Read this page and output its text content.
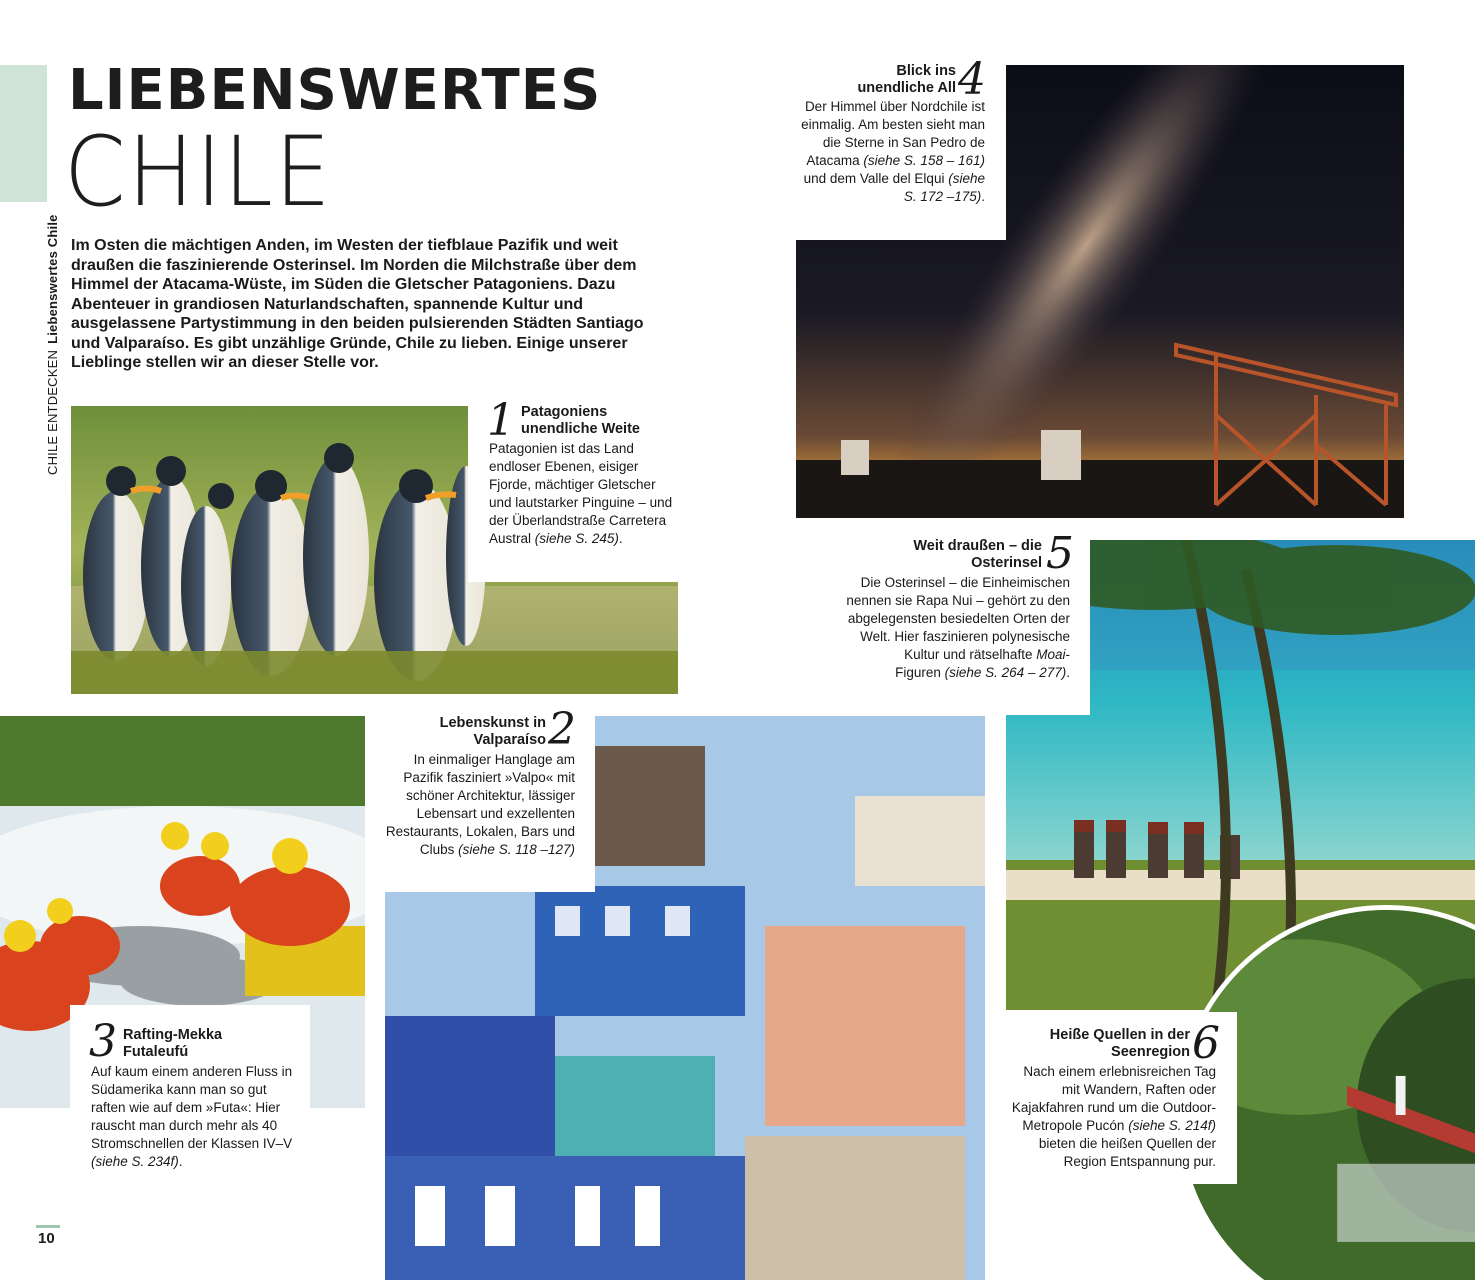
CHILE ENTDECKENLiebenswertes Chile
LIEBENSWERTES
CHILE
Im Osten die mächtigen Anden, im Westen der tiefblaue Pazifik und weit draußen die faszinierende Osterinsel. Im Norden die Milchstraße über dem Himmel der Atacama-Wüste, im Süden die Gletscher Patagoniens. Dazu Abenteuer in grandiosen Naturlandschaften, spannende Kultur und ausgelassene Partystimmung in den beiden pulsierenden Städten Santiago und Valparaíso. Es gibt unzählige Gründe, Chile zu lieben. Einige unserer Lieblinge stellen wir an dieser Stelle vor.
1 Patagoniens unendliche Weite
Patagonien ist das Land endloser Ebenen, eisiger Fjorde, mächtiger Gletscher und lautstarker Pinguine – und der Überlandstraße Carretera Austral (siehe S. 245).
Blick ins unendliche All 4
Der Himmel über Nordchile ist einmalig. Am besten sieht man die Sterne in San Pedro de Atacama (siehe S. 158 – 161) und dem Valle del Elqui (siehe S. 172 –175).
Weit draußen – die Osterinsel 5
Die Osterinsel – die Einheimischen nennen sie Rapa Nui – gehört zu den abgelegensten besiedelten Orten der Welt. Hier faszinieren polynesische Kultur und rätselhafte Moai-
Figuren (siehe S. 264 – 277).
Heiße Quellen in der Seenregion 6
Nach einem erlebnisreichen Tag mit Wandern, Raften oder Kajakfahren rund um die Outdoor-Metropole Pucón (siehe S. 214f) bieten die heißen Quellen der Region Entspannung pur.
3 Rafting-Mekka Futaleufú
Auf kaum einem anderen Fluss in Südamerika kann man so gut raften wie auf dem »Futa«: Hier rauscht man durch mehr als 40 Stromschnellen der Klassen IV–V (siehe S. 234f).
Lebenskunst in Valparaíso 2
In einmaliger Hanglage am Pazifik fasziniert »Valpo« mit schöner Architektur, lässiger Lebensart und exzellenten Restaurants, Lokalen, Bars und Clubs (siehe S. 118 –127)
10
